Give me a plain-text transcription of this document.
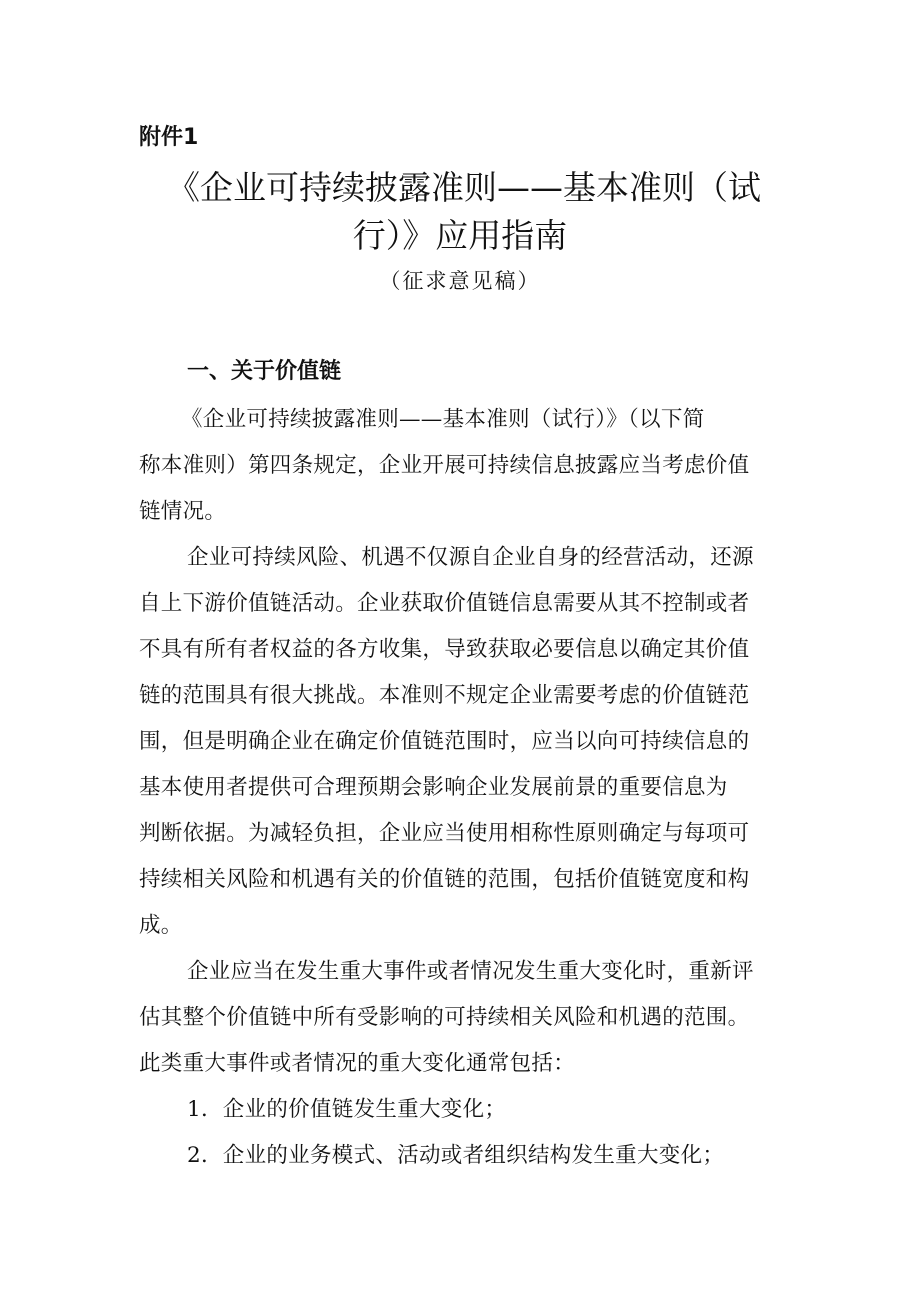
附件1
《企业可持续披露准则——基本准则（试
行）》应用指南
（征求意见稿）
一、关于价值链
《企业可持续披露准则——基本准则（试行）》（以下简
称本准则）第四条规定，企业开展可持续信息披露应当考虑价值
链情况。
企业可持续风险、机遇不仅源自企业自身的经营活动，还源
自上下游价值链活动。企业获取价值链信息需要从其不控制或者
不具有所有者权益的各方收集，导致获取必要信息以确定其价值
链的范围具有很大挑战。本准则不规定企业需要考虑的价值链范
围，但是明确企业在确定价值链范围时，应当以向可持续信息的
基本使用者提供可合理预期会影响企业发展前景的重要信息为
判断依据。为减轻负担，企业应当使用相称性原则确定与每项可
持续相关风险和机遇有关的价值链的范围，包括价值链宽度和构
成。
企业应当在发生重大事件或者情况发生重大变化时，重新评
估其整个价值链中所有受影响的可持续相关风险和机遇的范围。
此类重大事件或者情况的重大变化通常包括：
1．企业的价值链发生重大变化；
2．企业的业务模式、活动或者组织结构发生重大变化；
